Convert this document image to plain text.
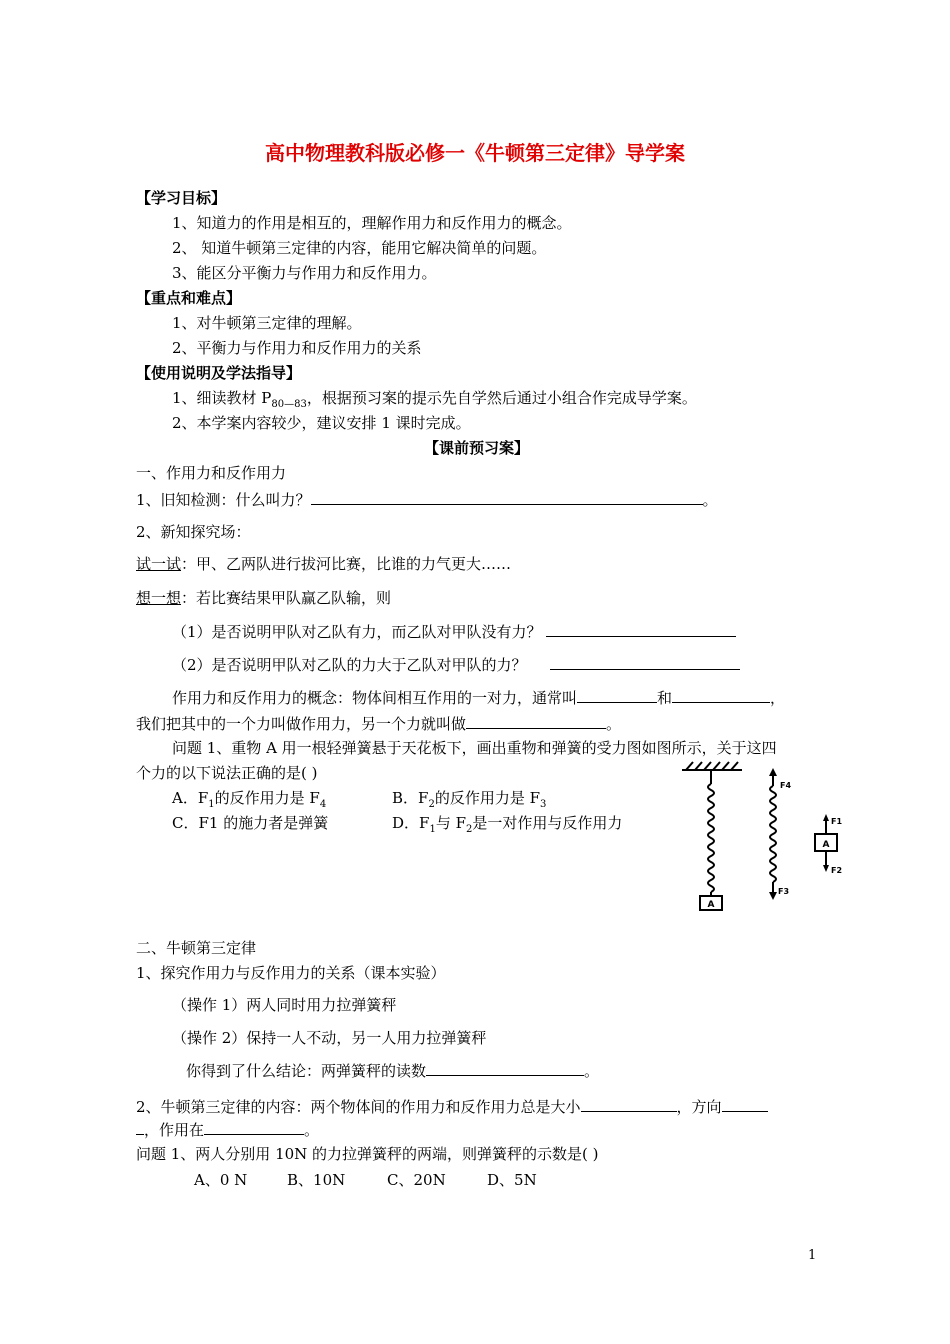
高中物理教科版必修一《牛顿第三定律》导学案
【学习目标】
1、知道力的作用是相互的，理解作用力和反作用力的概念。
2、 知道牛顿第三定律的内容，能用它解决简单的问题。
3、能区分平衡力与作用力和反作用力。
【重点和难点】
1、对牛顿第三定律的理解。
2、平衡力与作用力和反作用力的关系
【使用说明及学法指导】
1、细读教材 $P_{80—83}$，根据预习案的提示先自学然后通过小组合作完成导学案。
2、本学案内容较少，建议安排 1 课时完成。
【课前预习案】
一、作用力和反作用力
1、旧知检测：什么叫力？	。
2、新知探究场：
试一试：甲、乙两队进行拔河比赛，比谁的力气更大……
想一想：若比赛结果甲队赢乙队输，则
（1）是否说明甲队对乙队有力，而乙队对甲队没有力？
（2）是否说明甲队对乙队的力大于乙队对甲队的力？
作用力和反作用力的概念：物体间相互作用的一对力，通常叫	和	，
我们把其中的一个力叫做作用力，另一个力就叫做	。
问题 1、重物 A 用一根轻弹簧悬于天花板下，画出重物和弹簧的受力图如图所示，关于这四
个力的以下说法正确的是( )
A．$F_1$的反作用力是 $F_4$	B．$F_2$的反作用力是 $F_3$
C．F1 的施力者是弹簧	D．$F_1$与 $F_2$是一对作用与反作用力
A
F4
F3
A
F1
F2
二、牛顿第三定律
1、探究作用力与反作用力的关系（课本实验）
（操作 1）两人同时用力拉弹簧秤
（操作 2）保持一人不动，另一人用力拉弹簧秤
你得到了什么结论：两弹簧秤的读数	。
2、牛顿第三定律的内容：两个物体间的作用力和反作用力总是大小	，方向
，作用在	。
问题 1、两人分别用 10N 的力拉弹簧秤的两端，则弹簧秤的示数是( )
A、0 N	B、10N	C、20N	D、5N
1
